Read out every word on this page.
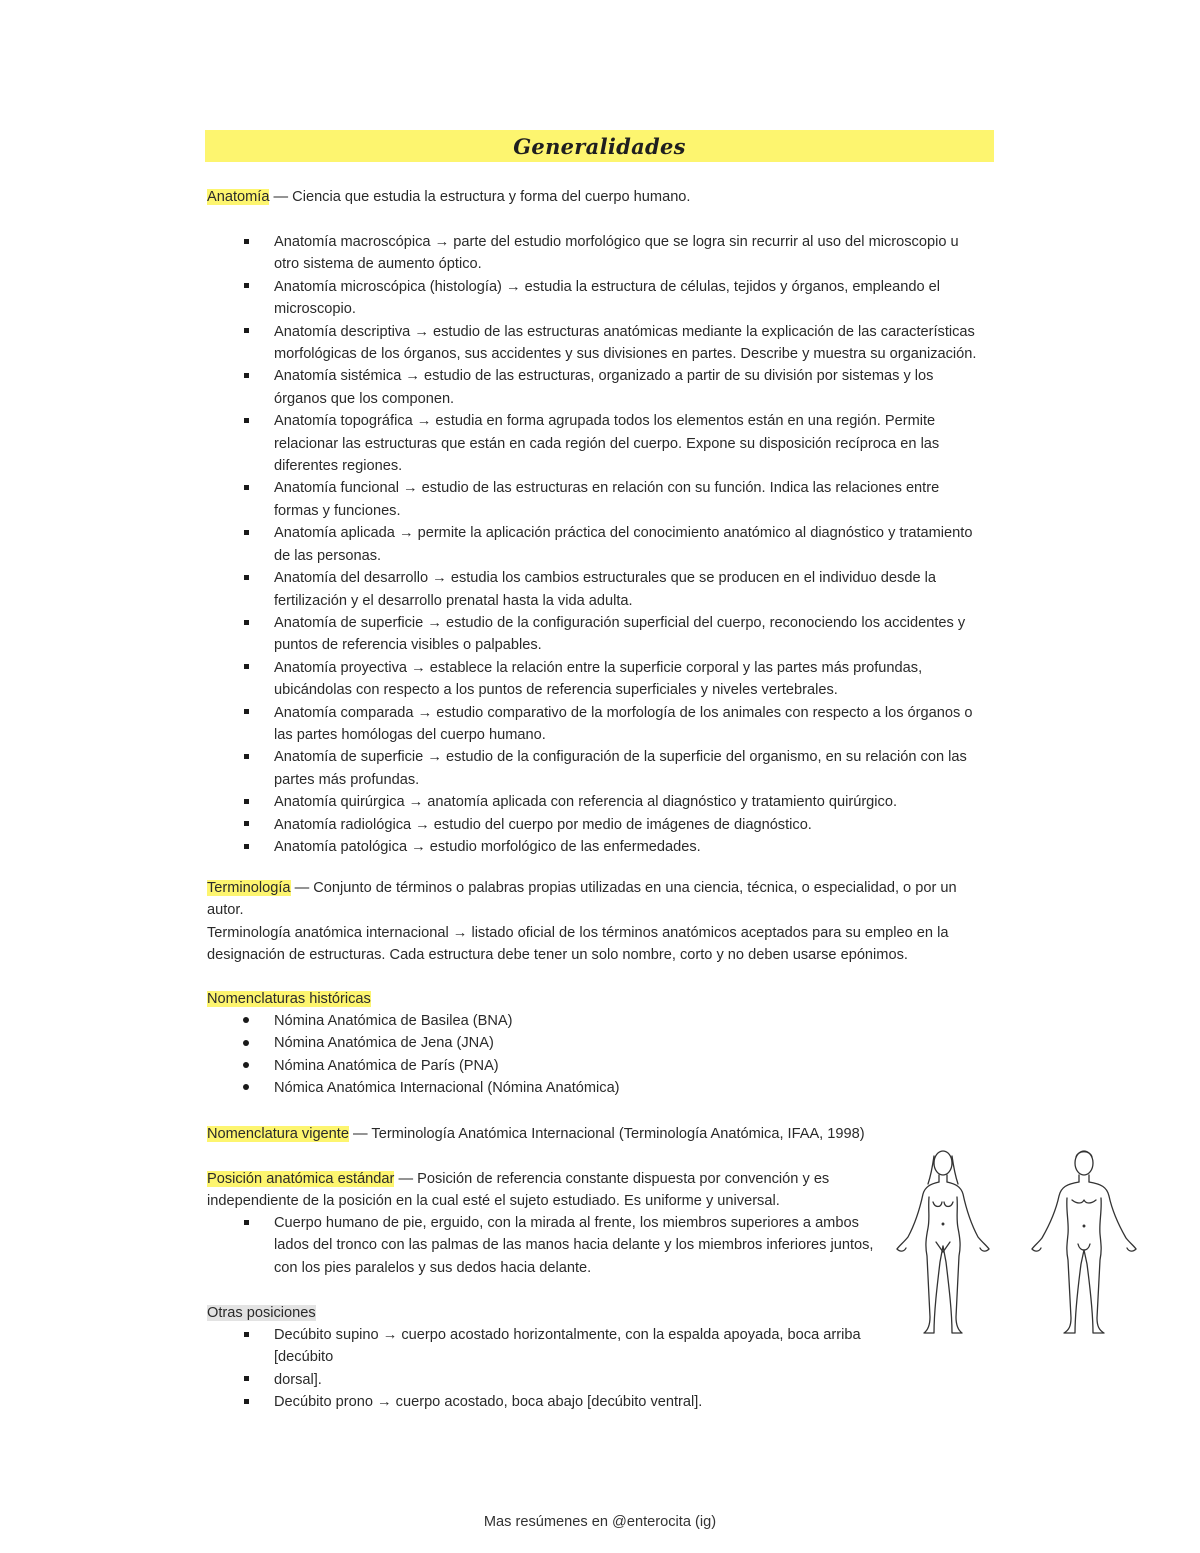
Generalidades
Anatomía — Ciencia que estudia la estructura y forma del cuerpo humano.
Anatomía macroscópica → parte del estudio morfológico que se logra sin recurrir al uso del microscopio u otro sistema de aumento óptico.
Anatomía microscópica (histología) → estudia la estructura de células, tejidos y órganos, empleando el microscopio.
Anatomía descriptiva → estudio de las estructuras anatómicas mediante la explicación de las características morfológicas de los órganos, sus accidentes y sus divisiones en partes. Describe y muestra su organización.
Anatomía sistémica → estudio de las estructuras, organizado a partir de su división por sistemas y los órganos que los componen.
Anatomía topográfica → estudia en forma agrupada todos los elementos están en una región. Permite relacionar las estructuras que están en cada región del cuerpo. Expone su disposición recíproca en las diferentes regiones.
Anatomía funcional → estudio de las estructuras en relación con su función. Indica las relaciones entre formas y funciones.
Anatomía aplicada → permite la aplicación práctica del conocimiento anatómico al diagnóstico y tratamiento de las personas.
Anatomía del desarrollo → estudia los cambios estructurales que se producen en el individuo desde la fertilización y el desarrollo prenatal hasta la vida adulta.
Anatomía de superficie → estudio de la configuración superficial del cuerpo, reconociendo los accidentes y puntos de referencia visibles o palpables.
Anatomía proyectiva → establece la relación entre la superficie corporal y las partes más profundas, ubicándolas con respecto a los puntos de referencia superficiales y niveles vertebrales.
Anatomía comparada → estudio comparativo de la morfología de los animales con respecto a los órganos o las partes homólogas del cuerpo humano.
Anatomía de superficie → estudio de la configuración de la superficie del organismo, en su relación con las partes más profundas.
Anatomía quirúrgica → anatomía aplicada con referencia al diagnóstico y tratamiento quirúrgico.
Anatomía radiológica → estudio del cuerpo por medio de imágenes de diagnóstico.
Anatomía patológica → estudio morfológico de las enfermedades.
Terminología — Conjunto de términos o palabras propias utilizadas en una ciencia, técnica, o especialidad, o por un autor.
Terminología anatómica internacional → listado oficial de los términos anatómicos aceptados para su empleo en la designación de estructuras. Cada estructura debe tener un solo nombre, corto y no deben usarse epónimos.
Nomenclaturas históricas
Nómina Anatómica de Basilea (BNA)
Nómina Anatómica de Jena (JNA)
Nómina Anatómica de París (PNA)
Nómica Anatómica Internacional (Nómina Anatómica)
Nomenclatura vigente — Terminología Anatómica Internacional (Terminología Anatómica, IFAA, 1998)
Posición anatómica estándar — Posición de referencia constante dispuesta por convención y es independiente de la posición en la cual esté el sujeto estudiado. Es uniforme y universal.
Cuerpo humano de pie, erguido, con la mirada al frente, los miembros superiores a ambos lados del tronco con las palmas de las manos hacia delante y los miembros inferiores juntos, con los pies paralelos y sus dedos hacia delante.
Otras posiciones
Decúbito supino → cuerpo acostado horizontalmente, con la espalda apoyada, boca arriba [decúbito
dorsal].
Decúbito prono → cuerpo acostado, boca abajo [decúbito ventral].
Mas resúmenes en @enterocita (ig)
